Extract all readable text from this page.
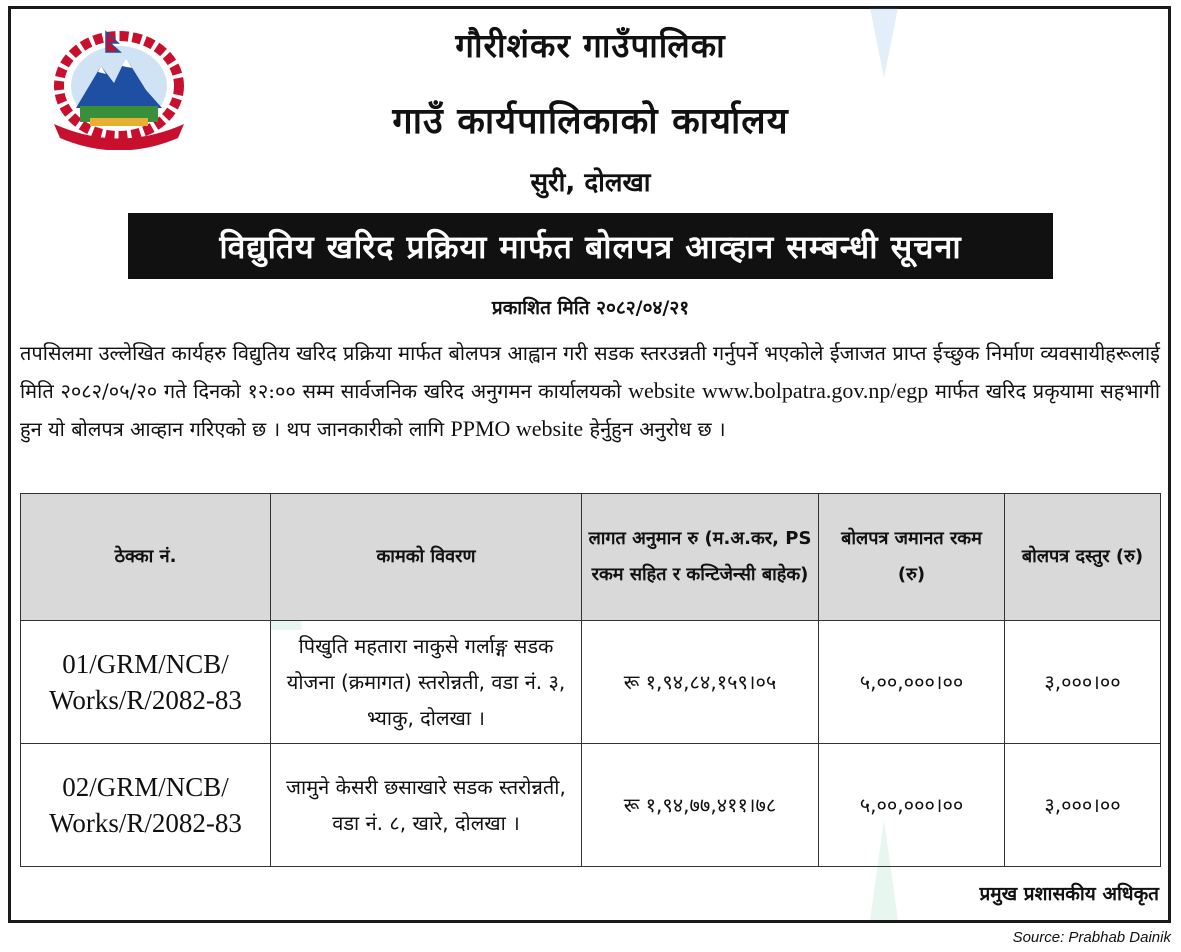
गौरीशंकर गाउँपालिका
गाउँ कार्यपालिकाको कार्यालय
सुरी, दोलखा
विद्युतिय खरिद प्रक्रिया मार्फत बोलपत्र आव्हान सम्बन्धी सूचना
प्रकाशित मिति २०८२/०४/२१
तपसिलमा उल्लेखित कार्यहरु विद्युतिय खरिद प्रक्रिया मार्फत बोलपत्र आह्वान गरी सडक स्तरउन्नती गर्नुपर्ने भएकोले ईजाजत प्राप्त ईच्छुक निर्माण व्यवसायीहरूलाई मिति २०८२/०५/२० गते दिनको १२:०० सम्म सार्वजनिक खरिद अनुगमन कार्यालयको website www.bolpatra.gov.np/egp मार्फत खरिद प्रकृयामा सहभागी हुन यो बोलपत्र आव्हान गरिएको छ । थप जानकारीको लागि PPMO website हेर्नुहुन अनुरोध छ ।
ठेक्का नं.	कामको विवरण	लागत अनुमान रु (म.अ.कर, PS रकम सहित र कन्टिजेन्सी बाहेक)	बोलपत्र जमानत रकम (रु)	बोलपत्र दस्तुर (रु)
01/GRM/NCB/ Works/R/2082-83	पिखुति महतारा नाकुसे गर्लाङ्ग सडक योजना (क्रमागत) स्तरोन्नती, वडा नं. ३, भ्याकु, दोलखा ।	रू १,९४,८४,१५९।०५	५,००,०००।००	३,०००।००
02/GRM/NCB/ Works/R/2082-83	जामुने केसरी छसाखारे सडक स्तरोन्नती, वडा नं. ८, खारे, दोलखा ।	रू १,९४,७७,४११।७८	५,००,०००।००	३,०००।००
प्रमुख प्रशासकीय अधिकृत
Source: Prabhab Dainik
